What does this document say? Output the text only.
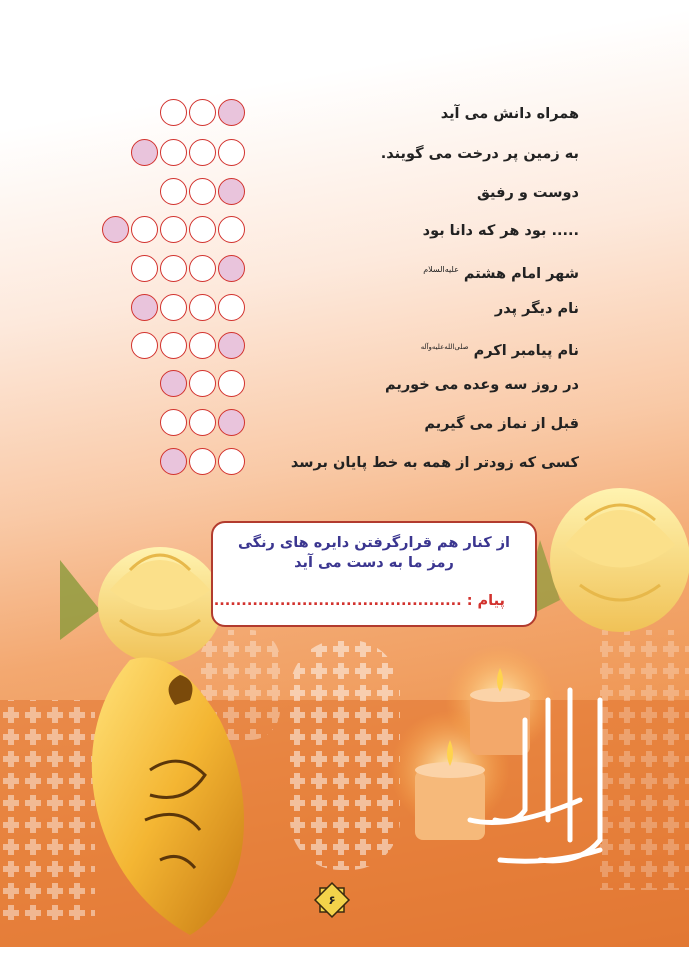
همراه دانش می آید
به زمین پر درخت می گویند.
دوست و رفیق
..... بود هر که دانا بود
شهر امام هشتم $^{علیه‌السلام}$
نام دیگر پدر
نام پیامبر اکرم $^{صلی‌الله‌علیه‌وآله}$
در روز سه وعده می خوریم
قبل از نماز می گیریم
کسی که زودتر از همه به خط پایان برسد
از کنار هم قرارگرفتن دایره های رنگی
رمز ما به دست می آید
پیام : .............................................
۶
